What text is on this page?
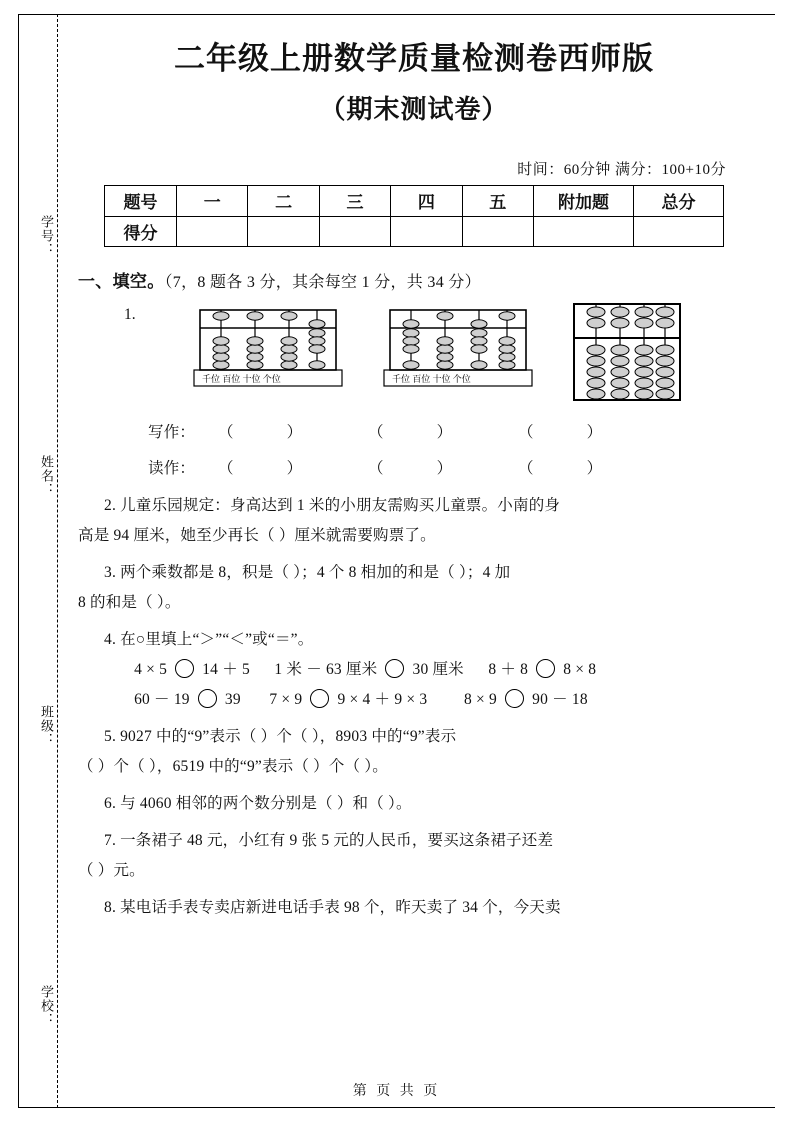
学号：
姓名：
班级：
学校：
二年级上册数学质量检测卷西师版
（期末测试卷）
时间：60分钟 满分：100+10分
题号	一	二	三	四	五	附加题	总分
得分							
一、填空。（7，8 题各 3 分，其余每空 1 分，共 34 分）
1.
千位 百位 十位 个位	千位 百位 十位 个位
写作： （             ）	（             ）	（             ）
读作： （             ）	（             ）	（             ）
2. 儿童乐园规定：身高达到 1 米的小朋友需购买儿童票。小南的身
高是 94 厘米，她至少再长（ ）厘米就需要购票了。
3. 两个乘数都是 8，积是（ ）；4 个 8 相加的和是（ ）；4 加
8 的和是（ ）。
4. 在○里填上“＞”“＜”或“＝”。
4 × 5 14 ＋ 5 1 米 － 63 厘米 30 厘米 8 ＋ 8 8 × 8
60 － 19 39 7 × 9 9 × 4 ＋ 9 × 3 8 × 9 90 － 18
5. 9027 中的“9”表示（ ）个（ ），8903 中的“9”表示
（ ）个（ ），6519 中的“9”表示（ ）个（ ）。
6. 与 4060 相邻的两个数分别是（ ）和（ ）。
7. 一条裙子 48 元，小红有 9 张 5 元的人民币，要买这条裙子还差
（ ）元。
8. 某电话手表专卖店新进电话手表 98 个，昨天卖了 34 个，今天卖
第 页 共 页
